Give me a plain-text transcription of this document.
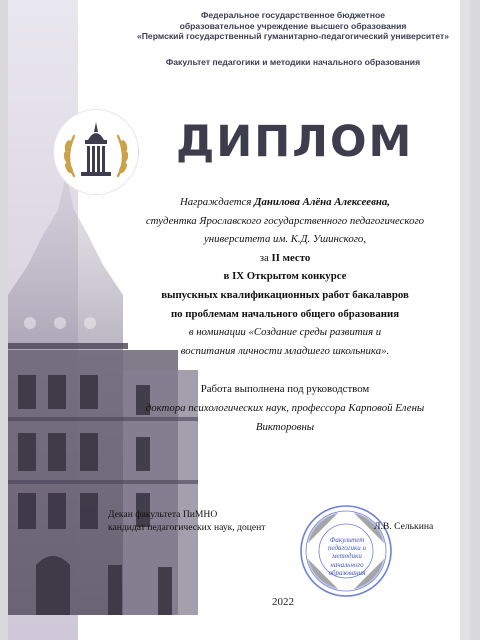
Федеральное государственное бюджетное
образовательное учреждение высшего образования
«Пермский государственный гуманитарно-педагогический университет»
Факультет педагогики и методики начального образования
ДИПЛОМ
Награждается Данилова Алёна Алексеевна,
студентка Ярославского государственного педагогического
университета им. К.Д. Ушинского,
за II место
в IX Открытом конкурсе
выпускных квалификационных работ бакалавров
по проблемам начального общего образования
в номинации «Создание среды развития и
воспитания личности младшего школьника».
Работа выполнена под руководством
доктора психологических наук, профессора Карповой Елены
Викторовны
Декан факультета ПиМНО
кандидат педагогических наук, доцент
Факультет
педагогики и
методики
начального
образования
Л.В. Селькина
2022
